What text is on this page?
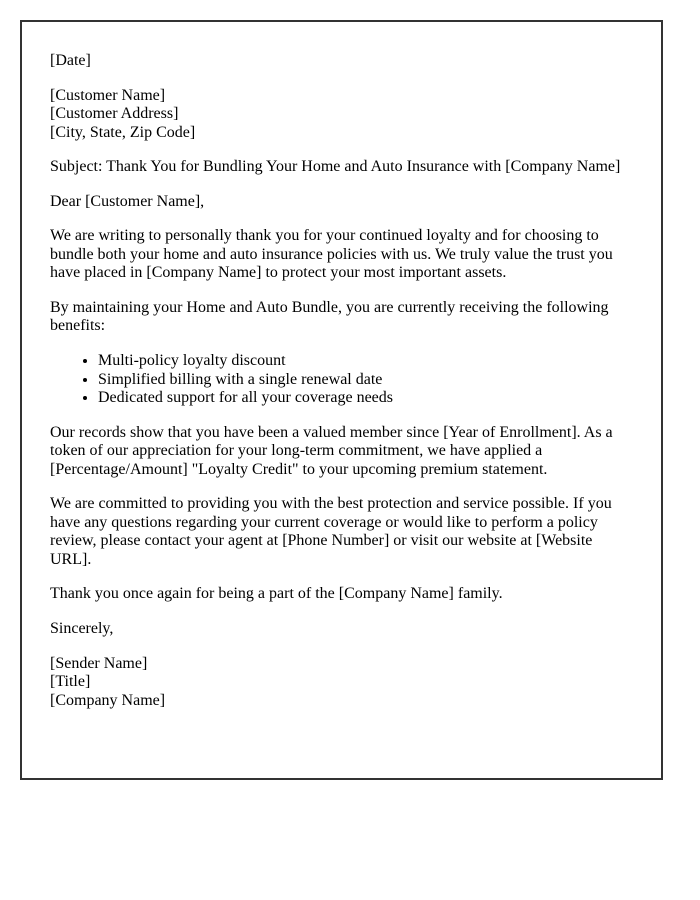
[Date]

[Customer Name]
[Customer Address]
[City, State, Zip Code]

Subject: Thank You for Bundling Your Home and Auto Insurance with [Company Name]

Dear [Customer Name],

We are writing to personally thank you for your continued loyalty and for choosing to bundle both your home and auto insurance policies with us. We truly value the trust you have placed in [Company Name] to protect your most important assets.

By maintaining your Home and Auto Bundle, you are currently receiving the following benefits:

• Multi-policy loyalty discount
• Simplified billing with a single renewal date
• Dedicated support for all your coverage needs

Our records show that you have been a valued member since [Year of Enrollment]. As a token of our appreciation for your long-term commitment, we have applied a [Percentage/Amount] "Loyalty Credit" to your upcoming premium statement.

We are committed to providing you with the best protection and service possible. If you have any questions regarding your current coverage or would like to perform a policy review, please contact your agent at [Phone Number] or visit our website at [Website URL].

Thank you once again for being a part of the [Company Name] family.

Sincerely,

[Sender Name]
[Title]
[Company Name]
